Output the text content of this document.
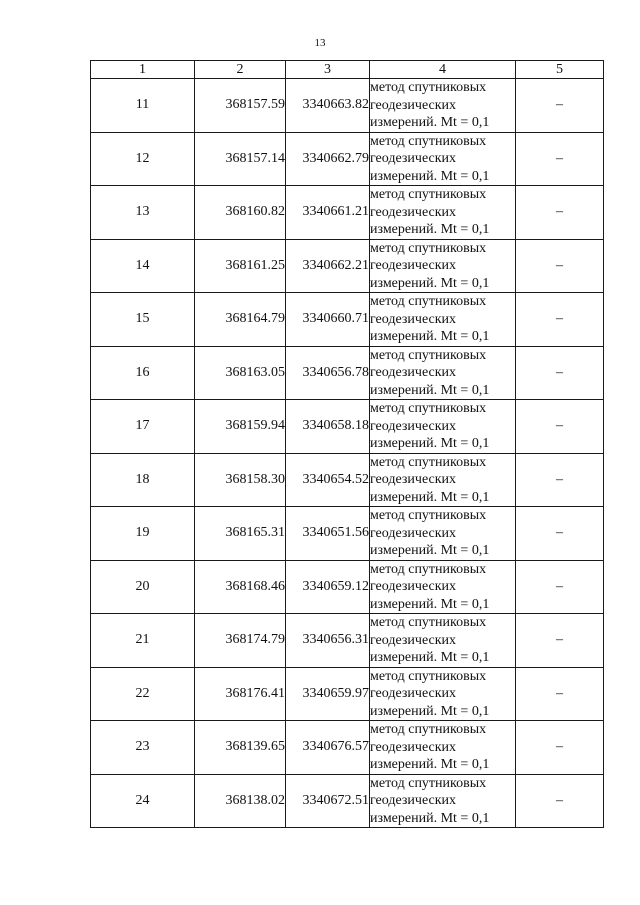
13
1	2	3	4	5
11	368157.59	3340663.82	метод спутниковых
геодезических
измерений. Mt = 0,1	–
12	368157.14	3340662.79	метод спутниковых
геодезических
измерений. Mt = 0,1	–
13	368160.82	3340661.21	метод спутниковых
геодезических
измерений. Mt = 0,1	–
14	368161.25	3340662.21	метод спутниковых
геодезических
измерений. Mt = 0,1	–
15	368164.79	3340660.71	метод спутниковых
геодезических
измерений. Mt = 0,1	–
16	368163.05	3340656.78	метод спутниковых
геодезических
измерений. Mt = 0,1	–
17	368159.94	3340658.18	метод спутниковых
геодезических
измерений. Mt = 0,1	–
18	368158.30	3340654.52	метод спутниковых
геодезических
измерений. Mt = 0,1	–
19	368165.31	3340651.56	метод спутниковых
геодезических
измерений. Mt = 0,1	–
20	368168.46	3340659.12	метод спутниковых
геодезических
измерений. Mt = 0,1	–
21	368174.79	3340656.31	метод спутниковых
геодезических
измерений. Mt = 0,1	–
22	368176.41	3340659.97	метод спутниковых
геодезических
измерений. Mt = 0,1	–
23	368139.65	3340676.57	метод спутниковых
геодезических
измерений. Mt = 0,1	–
24	368138.02	3340672.51	метод спутниковых
геодезических
измерений. Mt = 0,1	–
